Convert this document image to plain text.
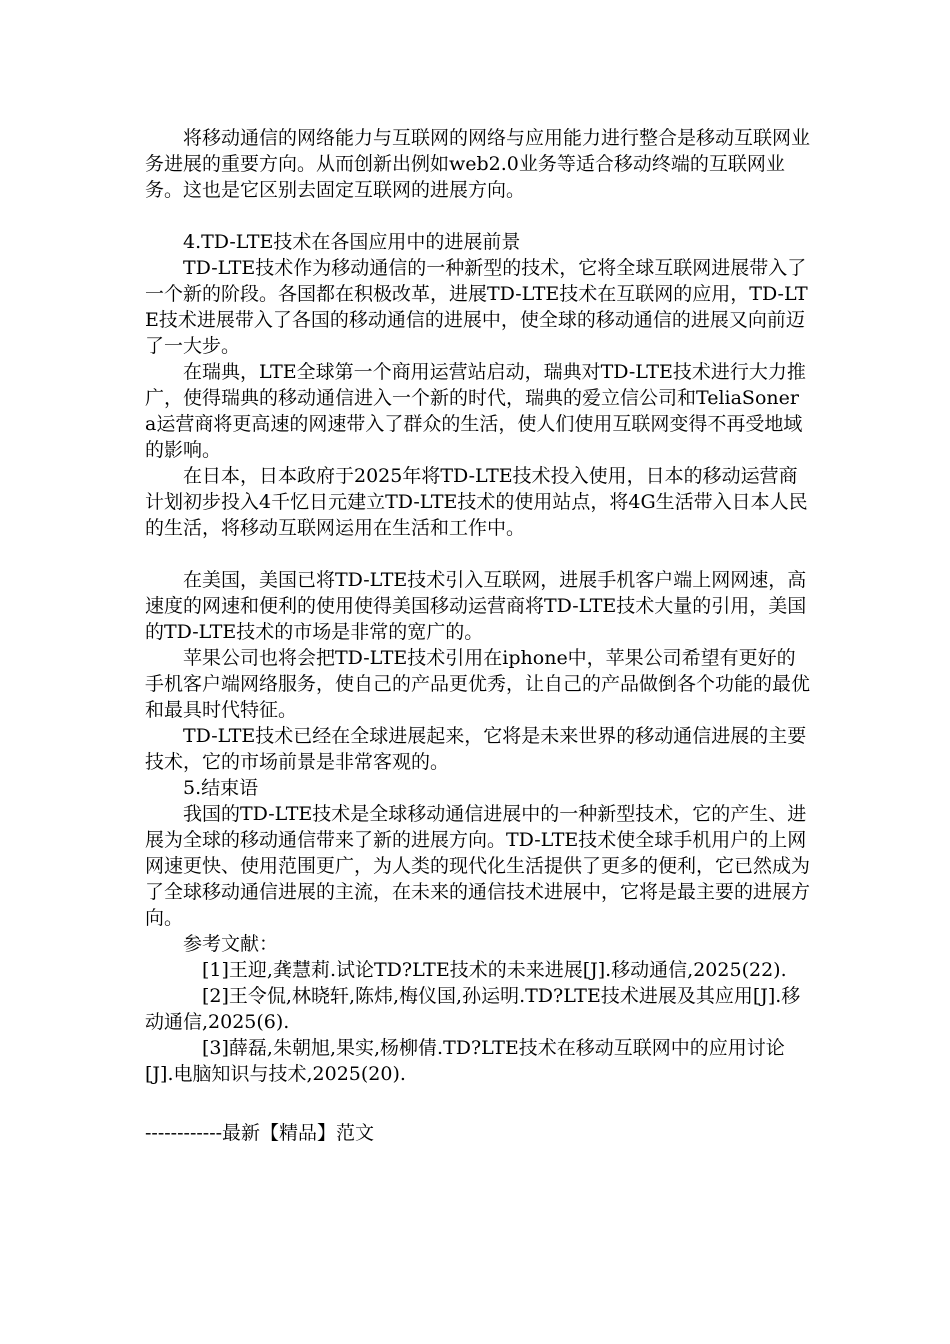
将移动通信的网络能力与互联网的网络与应用能力进行整合是移动互联网业务进展的重要方向。从而创新出例如web2.0业务等适合移动终端的互联网业务。这也是它区别去固定互联网的进展方向。

4.TD-LTE技术在各国应用中的进展前景

TD-LTE技术作为移动通信的一种新型的技术，它将全球互联网进展带入了一个新的阶段。各国都在积极改革，进展TD-LTE技术在互联网的应用，TD-LTE技术进展带入了各国的移动通信的进展中，使全球的移动通信的进展又向前迈了一大步。

在瑞典，LTE全球第一个商用运营站启动，瑞典对TD-LTE技术进行大力推广，使得瑞典的移动通信进入一个新的时代，瑞典的爱立信公司和TeliaSonera运营商将更高速的网速带入了群众的生活，使人们使用互联网变得不再受地域的影响。

在日本，日本政府于2025年将TD-LTE技术投入使用，日本的移动运营商计划初步投入4千忆日元建立TD-LTE技术的使用站点，将4G生活带入日本人民的生活，将移动互联网运用在生活和工作中。

在美国，美国已将TD-LTE技术引入互联网，进展手机客户端上网网速，高速度的网速和便利的使用使得美国移动运营商将TD-LTE技术大量的引用，美国的TD-LTE技术的市场是非常的宽广的。

苹果公司也将会把TD-LTE技术引用在iphone中，苹果公司希望有更好的手机客户端网络服务，使自己的产品更优秀，让自己的产品做倒各个功能的最优和最具时代特征。

TD-LTE技术已经在全球进展起来，它将是未来世界的移动通信进展的主要技术，它的市场前景是非常客观的。

5.结束语

我国的TD-LTE技术是全球移动通信进展中的一种新型技术，它的产生、进展为全球的移动通信带来了新的进展方向。TD-LTE技术使全球手机用户的上网网速更快、使用范围更广，为人类的现代化生活提供了更多的便利，它已然成为了全球移动通信进展的主流，在未来的通信技术进展中，它将是最主要的进展方向。

参考文献：

[1]王迎,龚慧莉.试论TD?LTE技术的未来进展[J].移动通信,2025(22).

[2]王令侃,林晓轩,陈炜,梅仪国,孙运明.TD?LTE技术进展及其应用[J].移动通信,2025(6).

[3]薛磊,朱朝旭,果实,杨柳倩.TD?LTE技术在移动互联网中的应用讨论[J].电脑知识与技术,2025(20).

------------最新【精品】范文
